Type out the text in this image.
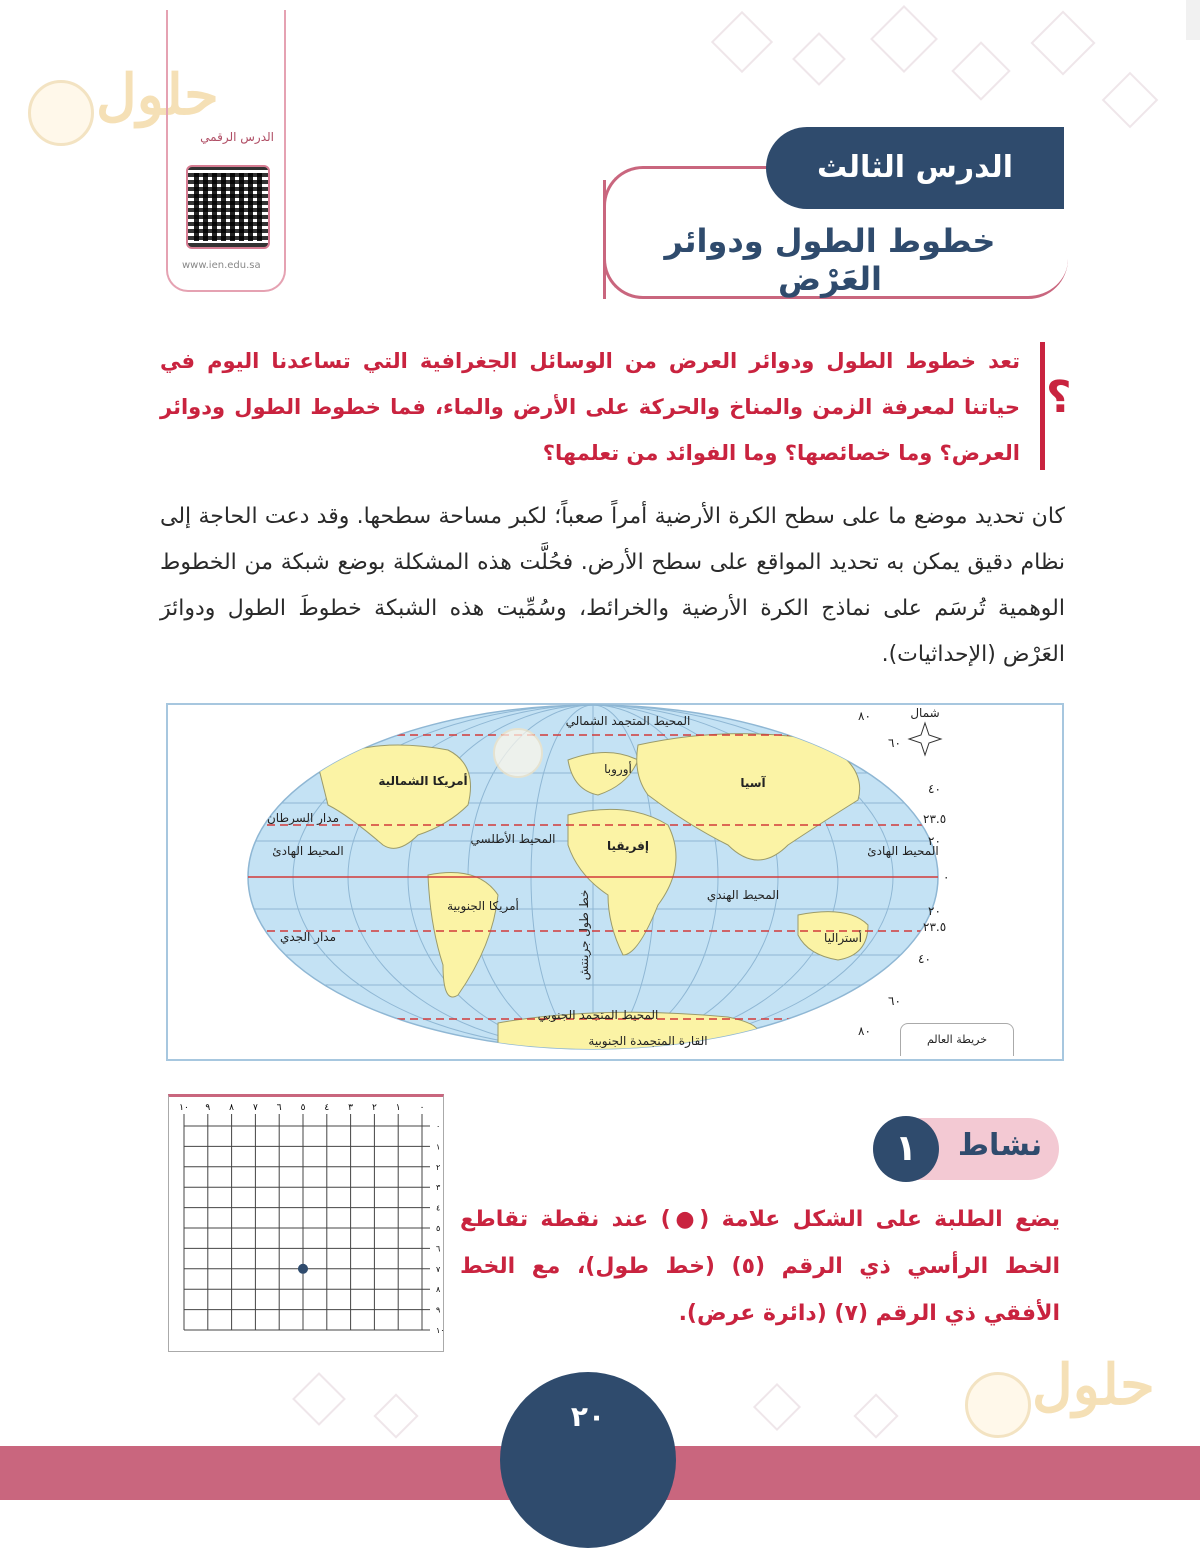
حلول
الدرس الرقمي
www.ien.edu.sa
الدرس الثالث
خطوط الطول ودوائر العَرْض
؟
تعد خطوط الطول ودوائر العرض من الوسائل الجغرافية التي تساعدنا اليوم في حياتنا لمعرفة الزمن والمناخ والحركة على الأرض والماء، فما خطوط الطول ودوائر العرض؟ وما خصائصها؟ وما الفوائد من تعلمها؟
كان تحديد موضع ما على سطح الكرة الأرضية أمراً صعباً؛ لكبر مساحة سطحها. وقد دعت الحاجة إلى نظام دقيق يمكن به تحديد المواقع على سطح الأرض. فحُلَّت هذه المشكلة بوضع شبكة من الخطوط الوهمية تُرسَم على نماذج الكرة الأرضية والخرائط، وسُمِّيت هذه الشبكة خطوطَ الطول ودوائرَ العَرْض (الإحداثيات).
أمريكا الشمالية
أوروبا
آسيا
إفريقيا
أمريكا الجنوبية
أستراليا
القارة المتجمدة الجنوبية
المحيط المتجمد الشمالي
المحيط الأطلسي
المحيط الهندي
المحيط الهادئ	المحيط الهادئ
المحيط المتجمد الجنوبي
مدار السرطان
مدار الجدي	خط طول جرينتش
٨٠
٦٠
٤٠
٢٣.٥
٢٠
٠
٢٠
٢٣.٥
٤٠
٦٠
٨٠
شمال
خريطة العالم
١٠ ٩ ٨ ٧ ٦ ٥ ٤ ٣ ٢ ١ ٠
٠
١
٢
٣
٤
٥
٦
٧
٨
٩
١٠
١	نشاط
يضع الطلبة على الشكل علامة (●) عند نقطة تقاطع الخط الرأسي ذي الرقم (٥) (خط طول)، مع الخط الأفقي ذي الرقم (٧) (دائرة عرض).
حلول
٢٠
